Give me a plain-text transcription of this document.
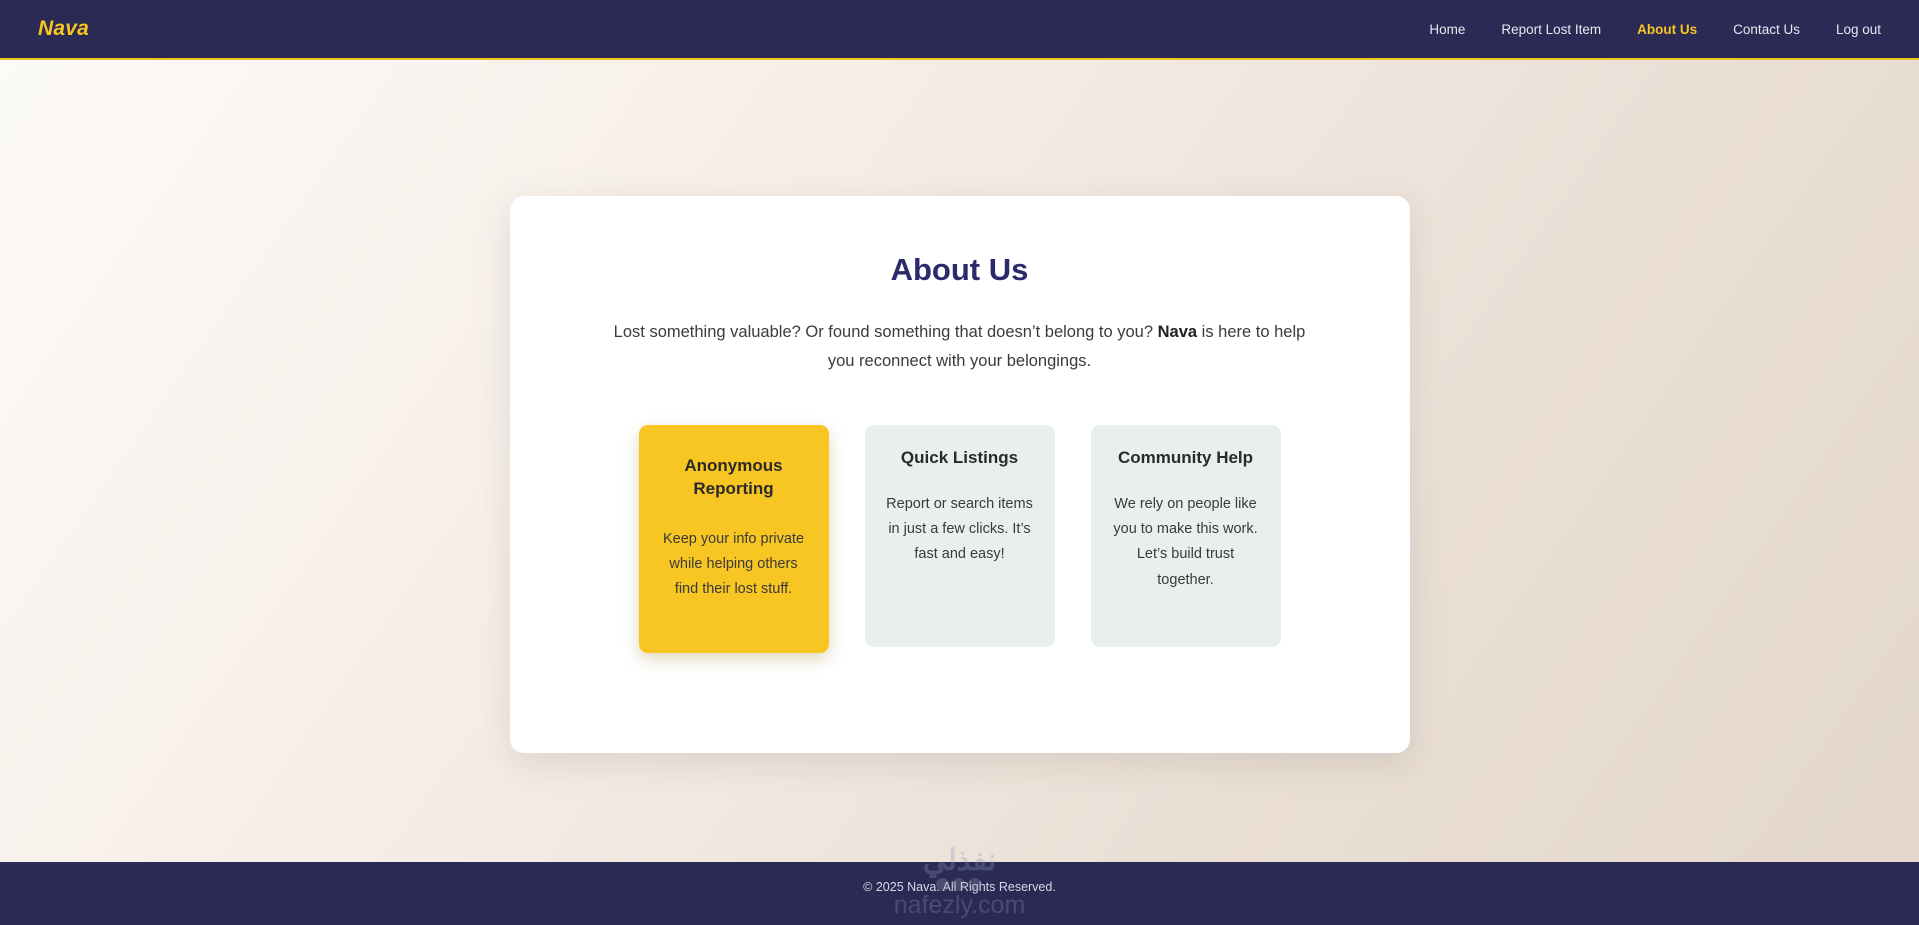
Nava	Home	Report Lost Item	About Us	Contact Us	Log out
About Us

Lost something valuable? Or found something that doesn’t belong to you? Nava is here to help you reconnect with your belongings.

Anonymous Reporting

Keep your info private while helping others find their lost stuff.

Quick Listings

Report or search items in just a few clicks. It’s fast and easy!

Community Help

We rely on people like you to make this work. Let’s build trust together.

نفذلي
nafezly.com
© 2025 Nava. All Rights Reserved.
